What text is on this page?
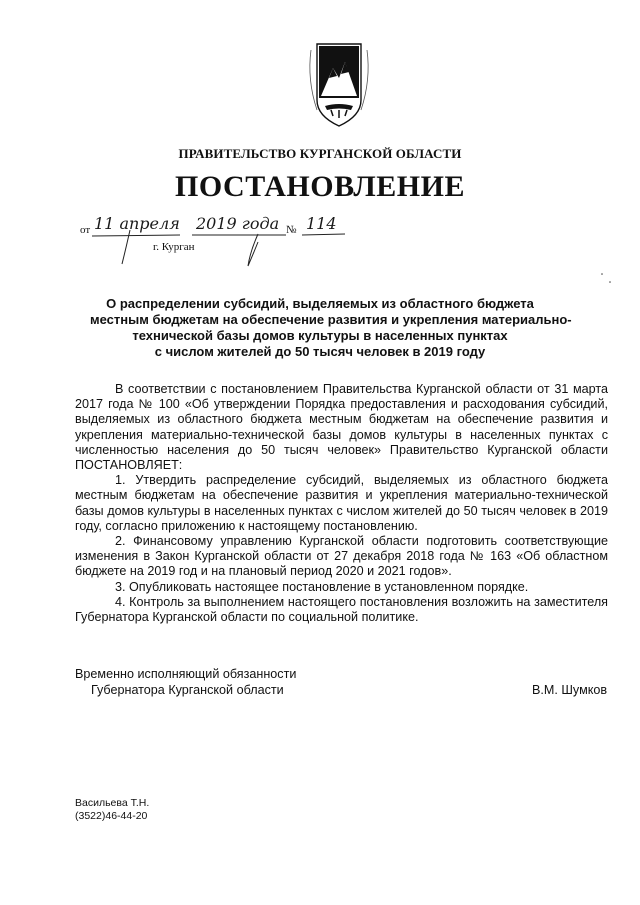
ПРАВИТЕЛЬСТВО КУРГАНСКОЙ ОБЛАСТИ
ПОСТАНОВЛЕНИЕ
от 11 апреля 2019 года № 114
г. Курган
О распределении субсидий, выделяемых из областного бюджета
местным бюджетам на обеспечение развития и укрепления материально-
технической базы домов культуры в населенных пунктах
с числом жителей до 50 тысяч человек в 2019 году

В соответствии с постановлением Правительства Курганской области от 31 марта 2017 года № 100 «Об утверждении Порядка предоставления и расходования субсидий, выделяемых из областного бюджета местным бюджетам на обеспечение развития и укрепления материально-технической базы домов культуры в населенных пунктах с численностью населения до 50 тысяч человек» Правительство Курганской области ПОСТАНОВЛЯЕТ:

1. Утвердить распределение субсидий, выделяемых из областного бюджета местным бюджетам на обеспечение развития и укрепления материально-технической базы домов культуры в населенных пунктах с числом жителей до 50 тысяч человек в 2019 году, согласно приложению к настоящему постановлению.

2. Финансовому управлению Курганской области подготовить соответствующие изменения в Закон Курганской области от 27 декабря 2018 года № 163 «Об областном бюджете на 2019 год и на плановый период 2020 и 2021 годов».

3. Опубликовать настоящее постановление в установленном порядке.

4. Контроль за выполнением настоящего постановления возложить на заместителя Губернатора Курганской области по социальной политике.

Временно исполняющий обязанности
Губернатора Курганской области	В.М. Шумков
Васильева Т.Н.
(3522)46-44-20
